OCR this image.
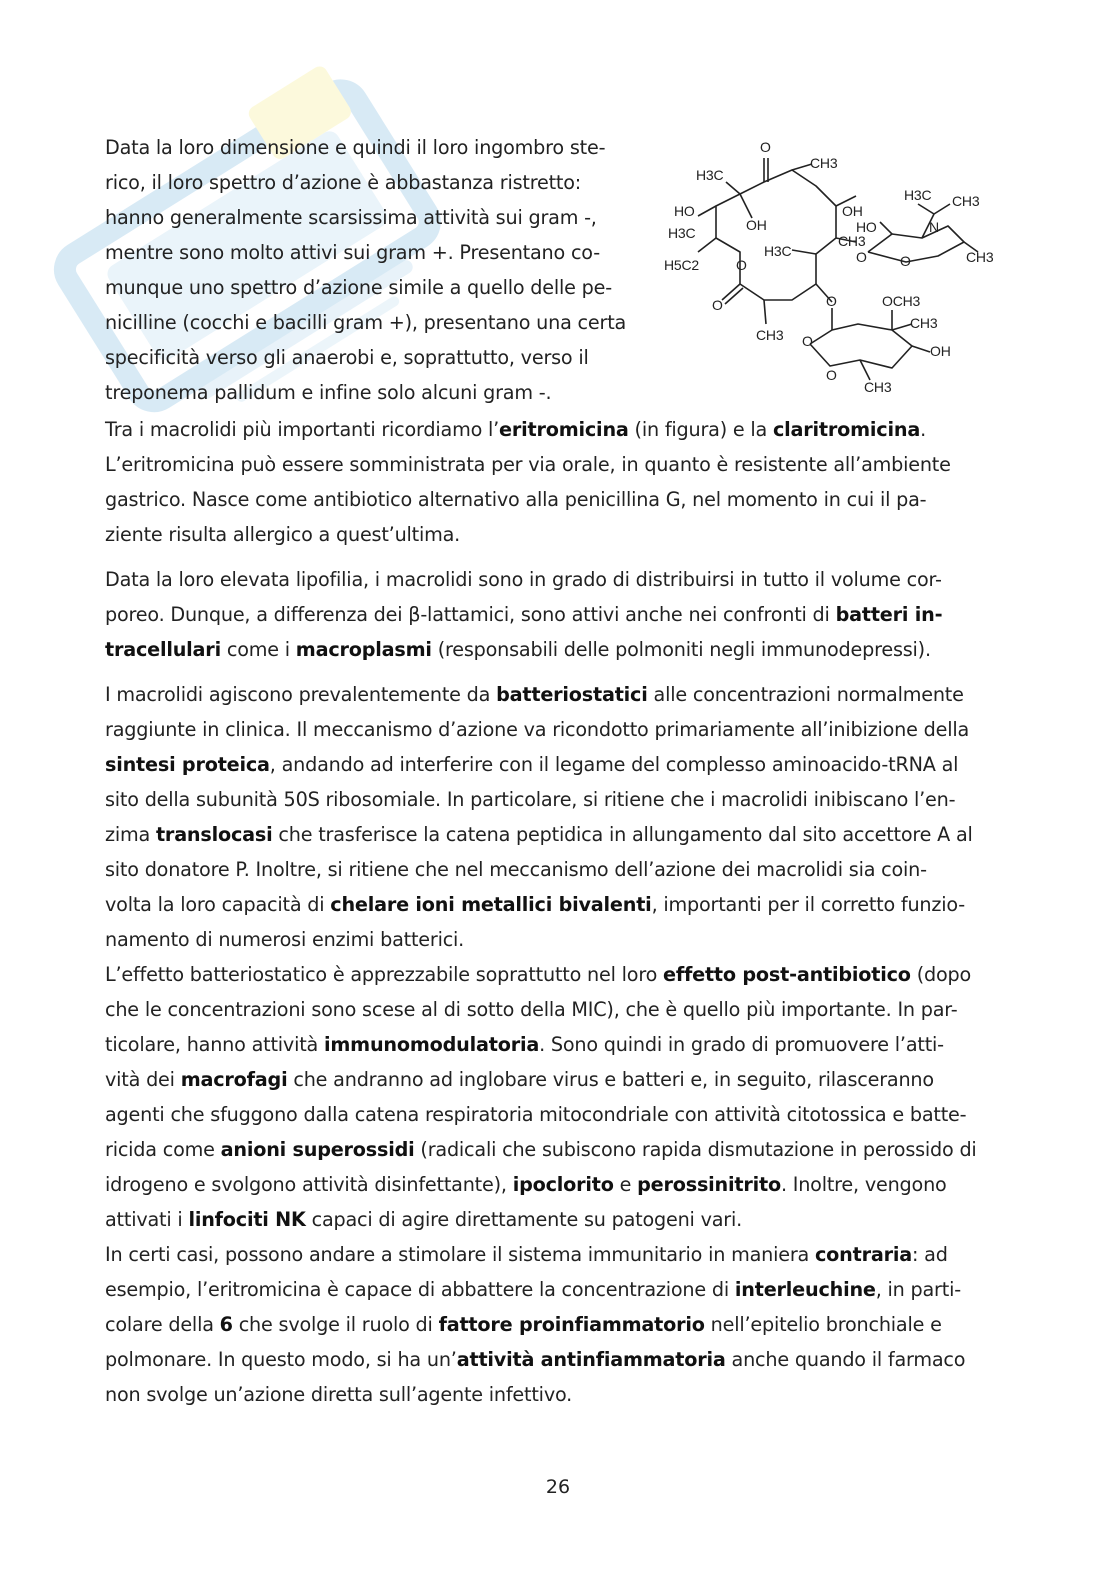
Data la loro dimensione e quindi il loro ingombro ste-
rico, il loro spettro d’azione è abbastanza ristretto:
hanno generalmente scarsissima attività sui gram -,
mentre sono molto attivi sui gram +. Presentano co-
munque uno spettro d’azione simile a quello delle pe-
nicilline (cocchi e bacilli gram +), presentano una certa
specificità verso gli anaerobi e, soprattutto, verso il
treponema pallidum e infine solo alcuni gram -.
O
H3C
CH3
HO
OH
OH
H3C	CH3
H3C CH3
N
HO
O	CH3
H5C2	O
H3C	O
O	O	OCH3
CH3
O
OH
CH3 O
CH3
Tra i macrolidi più importanti ricordiamo l’eritromicina (in figura) e la claritromicina.
L’eritromicina può essere somministrata per via orale, in quanto è resistente all’ambiente
gastrico. Nasce come antibiotico alternativo alla penicillina G, nel momento in cui il pa-
ziente risulta allergico a quest’ultima.
Data la loro elevata lipofilia, i macrolidi sono in grado di distribuirsi in tutto il volume cor-
poreo. Dunque, a differenza dei β-lattamici, sono attivi anche nei confronti di batteri in-
tracellulari come i macroplasmi (responsabili delle polmoniti negli immunodepressi).
I macrolidi agiscono prevalentemente da batteriostatici alle concentrazioni normalmente
raggiunte in clinica. Il meccanismo d’azione va ricondotto primariamente all’inibizione della
sintesi proteica, andando ad interferire con il legame del complesso aminoacido-tRNA al
sito della subunità 50S ribosomiale. In particolare, si ritiene che i macrolidi inibiscano l’en-
zima translocasi che trasferisce la catena peptidica in allungamento dal sito accettore A al
sito donatore P. Inoltre, si ritiene che nel meccanismo dell’azione dei macrolidi sia coin-
volta la loro capacità di chelare ioni metallici bivalenti, importanti per il corretto funzio-
namento di numerosi enzimi batterici.
L’effetto batteriostatico è apprezzabile soprattutto nel loro effetto post-antibiotico (dopo
che le concentrazioni sono scese al di sotto della MIC), che è quello più importante. In par-
ticolare, hanno attività immunomodulatoria. Sono quindi in grado di promuovere l’atti-
vità dei macrofagi che andranno ad inglobare virus e batteri e, in seguito, rilasceranno
agenti che sfuggono dalla catena respiratoria mitocondriale con attività citotossica e batte-
ricida come anioni superossidi (radicali che subiscono rapida dismutazione in perossido di
idrogeno e svolgono attività disinfettante), ipoclorito e perossinitrito. Inoltre, vengono
attivati i linfociti NK capaci di agire direttamente su patogeni vari.
In certi casi, possono andare a stimolare il sistema immunitario in maniera contraria: ad
esempio, l’eritromicina è capace di abbattere la concentrazione di interleuchine, in parti-
colare della 6 che svolge il ruolo di fattore proinfiammatorio nell’epitelio bronchiale e
polmonare. In questo modo, si ha un’attività antinfiammatoria anche quando il farmaco
non svolge un’azione diretta sull’agente infettivo.
26
